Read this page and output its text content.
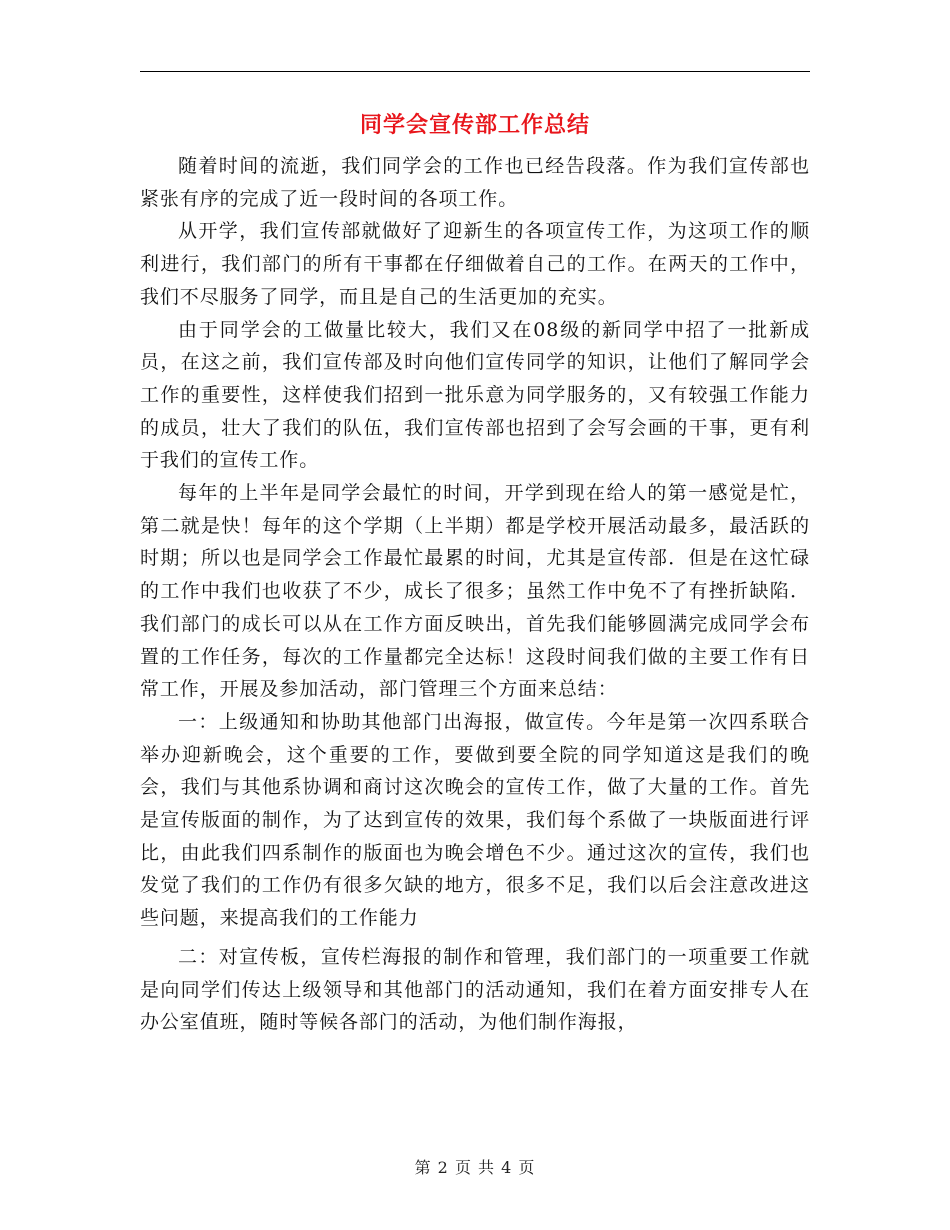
同学会宣传部工作总结

随着时间的流逝，我们同学会的工作也已经告段落。作为我们宣传部也紧张有序的完成了近一段时间的各项工作。

从开学，我们宣传部就做好了迎新生的各项宣传工作，为这项工作的顺利进行，我们部门的所有干事都在仔细做着自己的工作。在两天的工作中，我们不尽服务了同学，而且是自己的生活更加的充实。

由于同学会的工做量比较大，我们又在08级的新同学中招了一批新成员，在这之前，我们宣传部及时向他们宣传同学的知识，让他们了解同学会工作的重要性，这样使我们招到一批乐意为同学服务的，又有较强工作能力的成员，壮大了我们的队伍，我们宣传部也招到了会写会画的干事，更有利于我们的宣传工作。

每年的上半年是同学会最忙的时间，开学到现在给人的第一感觉是忙，第二就是快！每年的这个学期（上半期）都是学校开展活动最多，最活跃的时期；所以也是同学会工作最忙最累的时间，尤其是宣传部．但是在这忙碌的工作中我们也收获了不少，成长了很多；虽然工作中免不了有挫折缺陷．我们部门的成长可以从在工作方面反映出，首先我们能够圆满完成同学会布置的工作任务，每次的工作量都完全达标！这段时间我们做的主要工作有日常工作，开展及参加活动，部门管理三个方面来总结：

一：上级通知和协助其他部门出海报，做宣传。今年是第一次四系联合举办迎新晚会，这个重要的工作，要做到要全院的同学知道这是我们的晚会，我们与其他系协调和商讨这次晚会的宣传工作，做了大量的工作。首先是宣传版面的制作，为了达到宣传的效果，我们每个系做了一块版面进行评比，由此我们四系制作的版面也为晚会增色不少。通过这次的宣传，我们也发觉了我们的工作仍有很多欠缺的地方，很多不足，我们以后会注意改进这些问题，来提高我们的工作能力

二：对宣传板，宣传栏海报的制作和管理，我们部门的一项重要工作就是向同学们传达上级领导和其他部门的活动通知，我们在着方面安排专人在办公室值班，随时等候各部门的活动，为他们制作海报，

第 2 页 共 4 页
